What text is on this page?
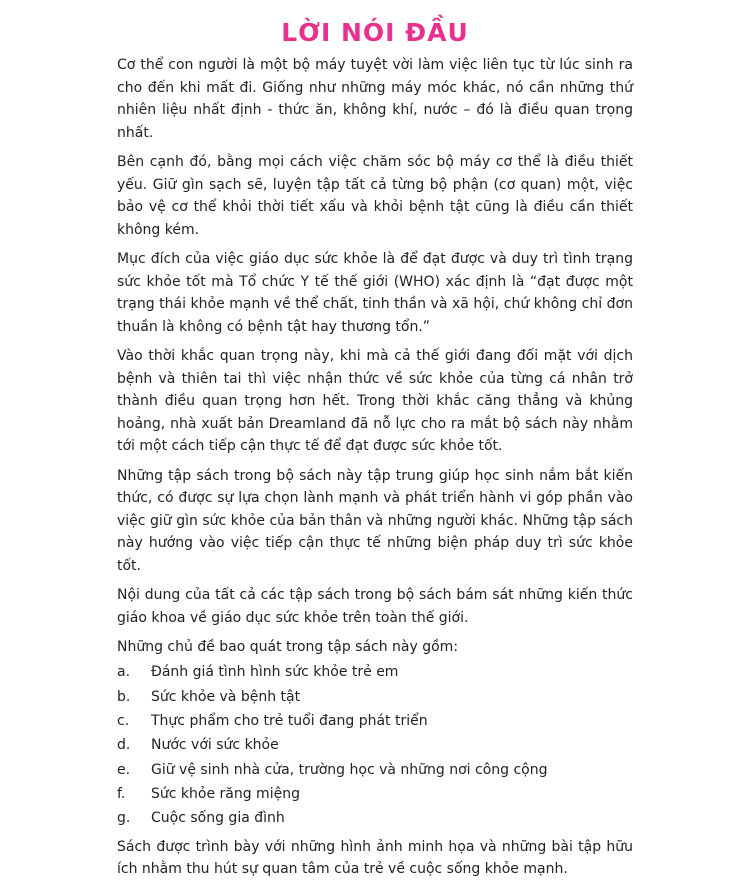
LỜI NÓI ĐẦU

Cơ thể con người là một bộ máy tuyệt vời làm việc liên tục từ lúc sinh ra cho đến khi mất đi. Giống như những máy móc khác, nó cần những thứ nhiên liệu nhất định - thức ăn, không khí, nước – đó là điều quan trọng nhất.

Bên cạnh đó, bằng mọi cách việc chăm sóc bộ máy cơ thể là điều thiết yếu. Giữ gìn sạch sẽ, luyện tập tất cả từng bộ phận (cơ quan) một, việc bảo vệ cơ thể khỏi thời tiết xấu và khỏi bệnh tật cũng là điều cần thiết không kém.

Mục đích của việc giáo dục sức khỏe là để đạt được và duy trì tình trạng sức khỏe tốt mà Tổ chức Y tế thế giới (WHO) xác định là “đạt được một trạng thái khỏe mạnh về thể chất, tinh thần và xã hội, chứ không chỉ đơn thuần là không có bệnh tật hay thương tổn.”

Vào thời khắc quan trọng này, khi mà cả thế giới đang đối mặt với dịch bệnh và thiên tai thì việc nhận thức về sức khỏe của từng cá nhân trở thành điều quan trọng hơn hết. Trong thời khắc căng thẳng và khủng hoảng, nhà xuất bản Dreamland đã nỗ lực cho ra mắt bộ sách này nhằm tới một cách tiếp cận thực tế để đạt được sức khỏe tốt.

Những tập sách trong bộ sách này tập trung giúp học sinh nắm bắt kiến thức, có được sự lựa chọn lành mạnh và phát triển hành vi góp phần vào việc giữ gìn sức khỏe của bản thân và những người khác. Những tập sách này hướng vào việc tiếp cận thực tế những biện pháp duy trì sức khỏe tốt.

Nội dung của tất cả các tập sách trong bộ sách bám sát những kiến thức giáo khoa về giáo dục sức khỏe trên toàn thế giới.

Những chủ đề bao quát trong tập sách này gồm:

a.	Đánh giá tình hình sức khỏe trẻ em
b.	Sức khỏe và bệnh tật
c.	Thực phẩm cho trẻ tuổi đang phát triển
d.	Nước với sức khỏe
e.	Giữ vệ sinh nhà cửa, trường học và những nơi công cộng
f.	Sức khỏe răng miệng
g.	Cuộc sống gia đình

Sách được trình bày với những hình ảnh minh họa và những bài tập hữu ích nhằm thu hút sự quan tâm của trẻ về cuộc sống khỏe mạnh.
